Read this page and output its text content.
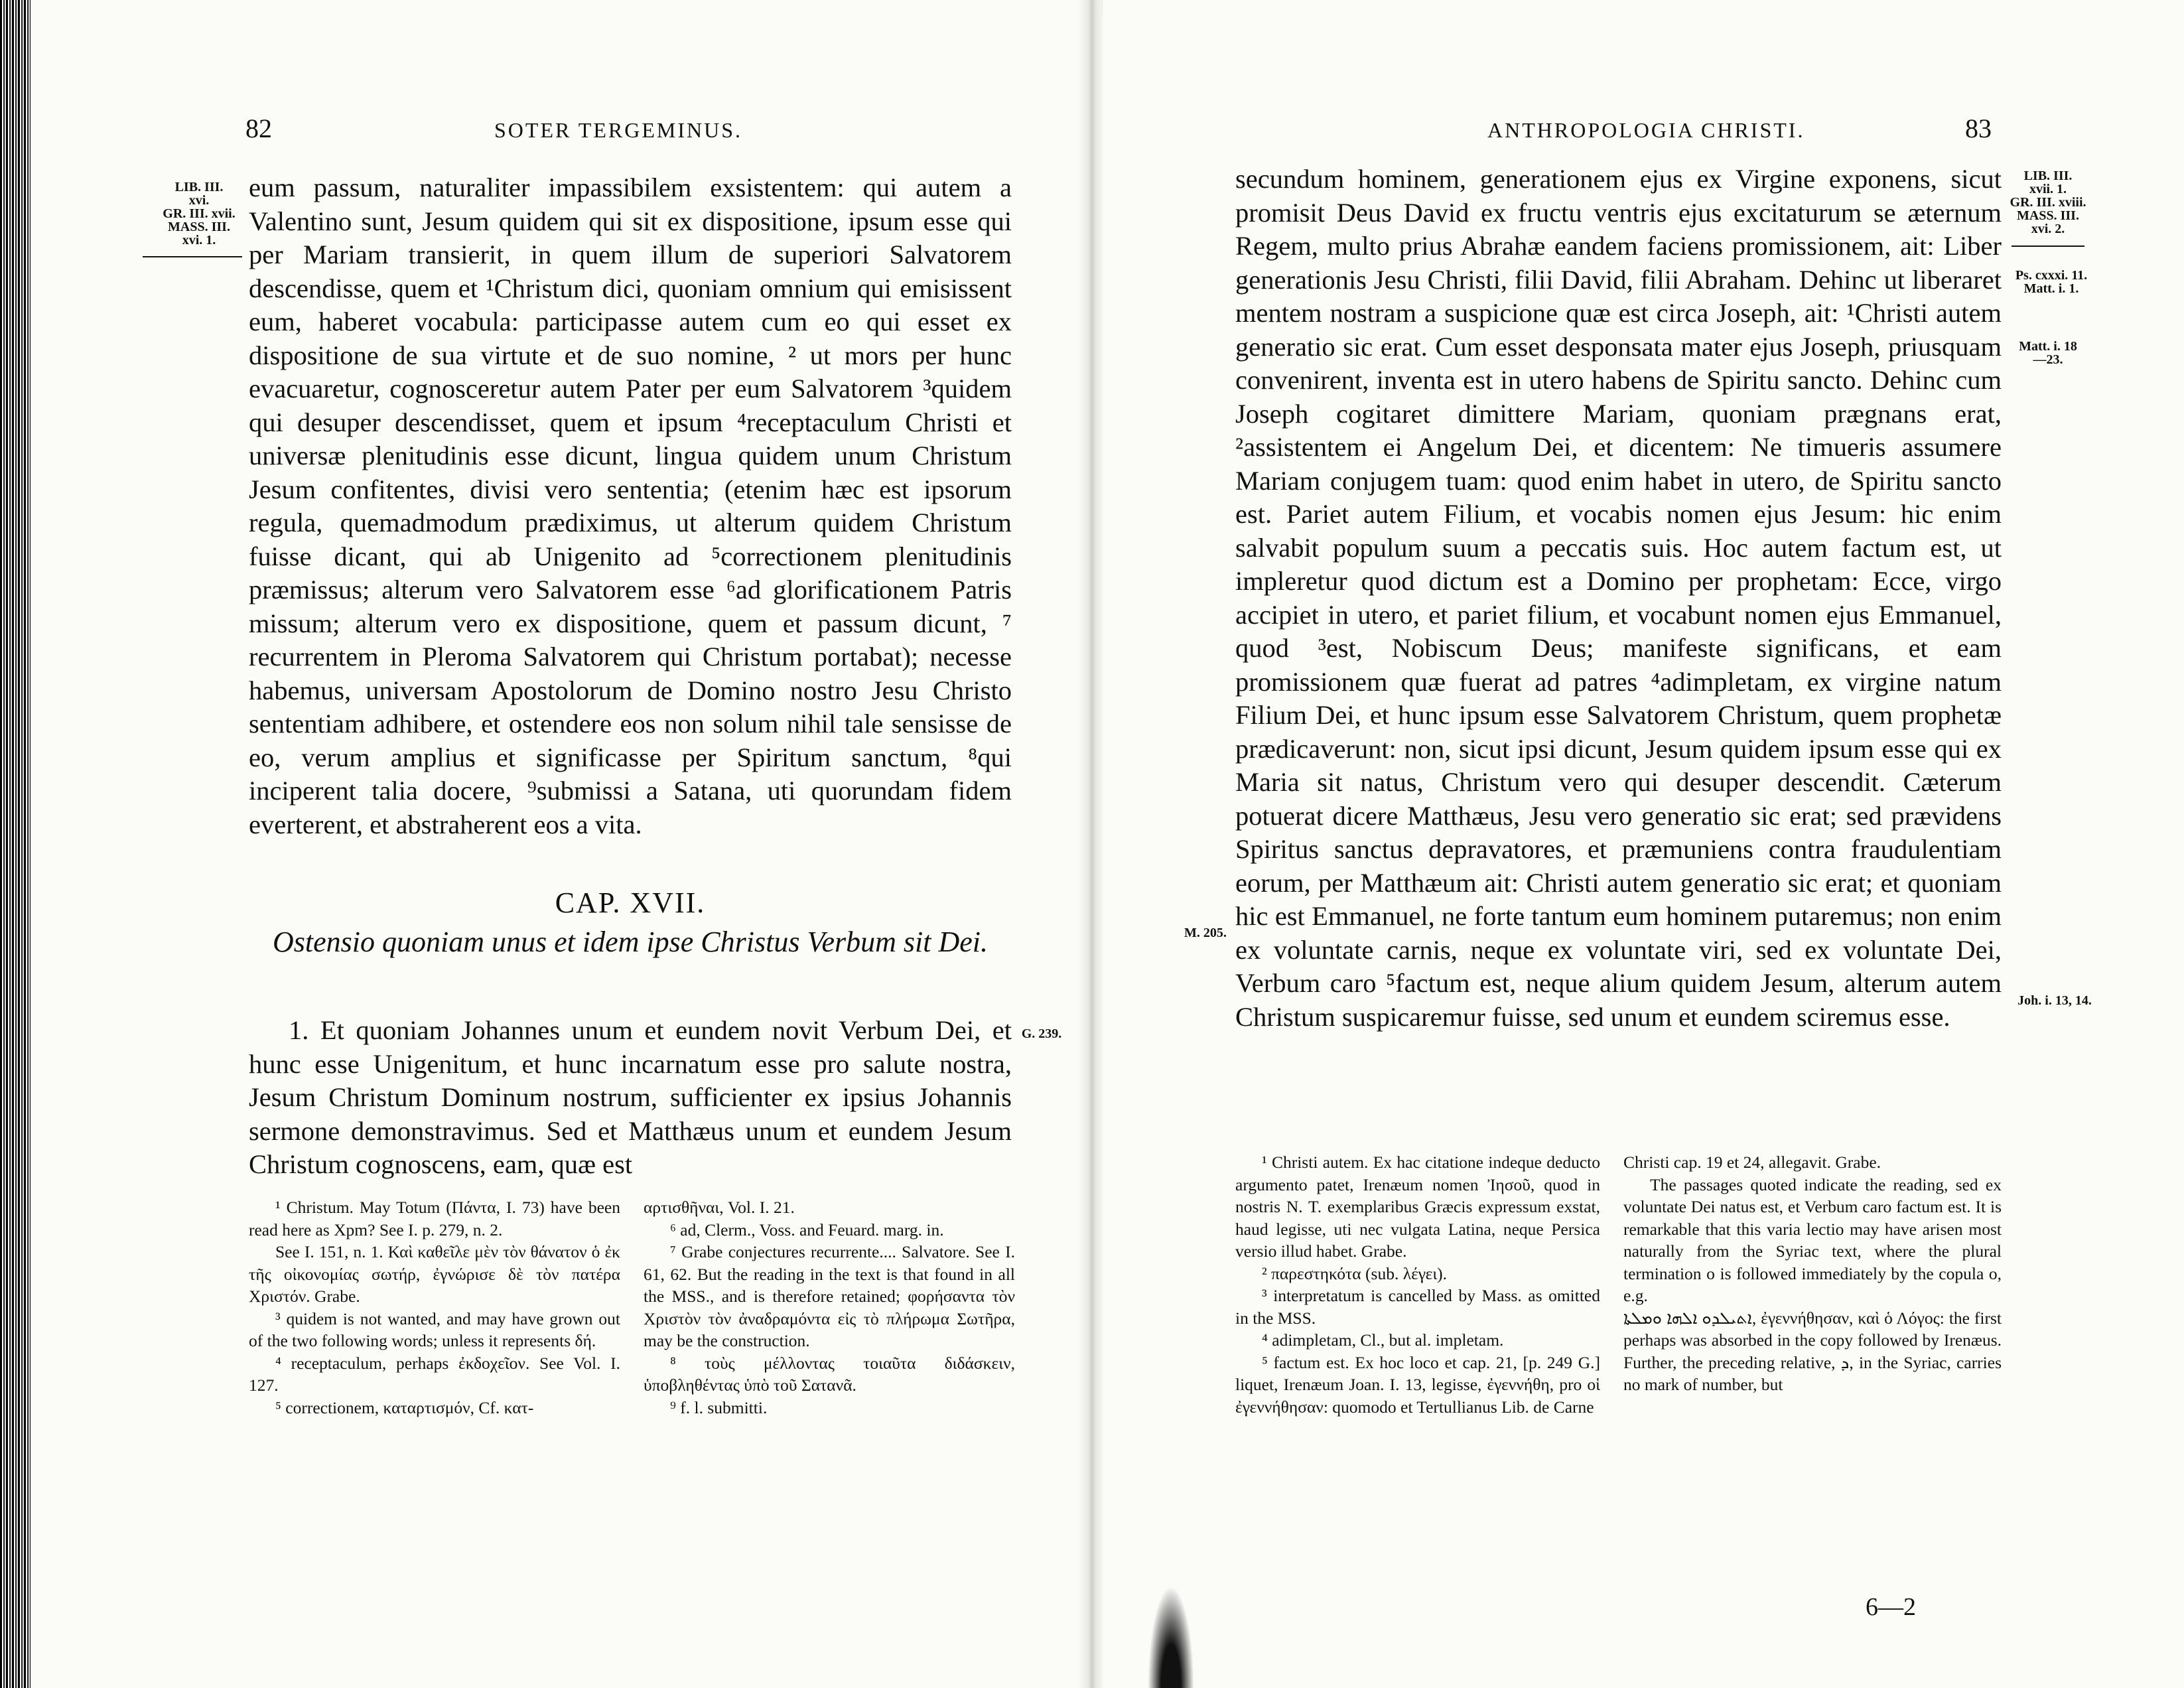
82	SOTER TERGEMINUS.
LIB. III.
xvi.
GR. III. xvii.
MASS. III.
xvi. 1.

eum passum, naturaliter impassibilem exsistentem: qui autem a Valentino sunt, Jesum quidem qui sit ex dispositione, ipsum esse qui per Mariam transierit, in quem illum de superiori Salvatorem descendisse, quem et ¹Christum dici, quoniam omnium qui emisissent eum, haberet vocabula: participasse autem cum eo qui esset ex dispositione de sua virtute et de suo nomine, ² ut mors per hunc evacuaretur, cognosceretur autem Pater per eum Salvatorem ³quidem qui desuper descendisset, quem et ipsum ⁴receptaculum Christi et universæ plenitudinis esse dicunt, lingua quidem unum Christum Jesum confitentes, divisi vero sententia; (etenim hæc est ipsorum regula, quemadmodum prædiximus, ut alterum quidem Christum fuisse dicant, qui ab Unigenito ad ⁵correctionem plenitudinis præmissus; alterum vero Salvatorem esse ⁶ad glorificationem Patris missum; alterum vero ex dispositione, quem et passum dicunt, ⁷ recurrentem in Pleroma Salvatorem qui Christum portabat); necesse habemus, universam Apostolorum de Domino nostro Jesu Christo sententiam adhibere, et ostendere eos non solum nihil tale sensisse de eo, verum amplius et significasse per Spiritum sanctum, ⁸qui inciperent talia docere, ⁹submissi a Satana, uti quorundam fidem everterent, et abstraherent eos a vita.

CAP. XVII.
Ostensio quoniam unus et idem ipse Christus Verbum sit Dei.

1. Et quoniam Johannes unum et eundem novit Verbum Dei, et hunc esse Unigenitum, et hunc incarnatum esse pro salute nostra, Jesum Christum Dominum nostrum, sufficienter ex ipsius Johannis sermone demonstravimus. Sed et Matthæus unum et eundem Jesum Christum cognoscens, eam, quæ est

G. 239.

¹ Christum. May Totum (Πάντα, I. 73) have been read here as Xpm? See I. p. 279, n. 2.

See I. 151, n. 1. Καὶ καθεῖλε μὲν τὸν θάνατον ὁ ἐκ τῆς οἰκονομίας σωτήρ, ἐγνώρισε δὲ τὸν πατέρα Χριστόν. Grabe.

³ quidem is not wanted, and may have grown out of the two following words; unless it represents δή.

⁴ receptaculum, perhaps ἐκδοχεῖον. See Vol. I. 127.

⁵ correctionem, καταρτισμόν, Cf. κατ-

αρτισθῆναι, Vol. I. 21.

⁶ ad, Clerm., Voss. and Feuard. marg. in.

⁷ Grabe conjectures recurrente.... Salvatore. See I. 61, 62. But the reading in the text is that found in all the MSS., and is therefore retained; φορήσαντα τὸν Χριστὸν τὸν ἀναδραμόντα εἰς τὸ πλήρωμα Σωτῆρα, may be the construction.

⁸ τοὺς μέλλοντας τοιαῦτα διδάσκειν, ὑποβληθέντας ὑπὸ τοῦ Σατανᾶ.

⁹ f. l. submitti.

ANTHROPOLOGIA CHRISTI.	83

secundum hominem, generationem ejus ex Virgine exponens, sicut promisit Deus David ex fructu ventris ejus excitaturum se æternum Regem, multo prius Abrahæ eandem faciens promissionem, ait: Liber generationis Jesu Christi, filii David, filii Abraham. Dehinc ut liberaret mentem nostram a suspicione quæ est circa Joseph, ait: ¹Christi autem generatio sic erat. Cum esset desponsata mater ejus Joseph, priusquam convenirent, inventa est in utero habens de Spiritu sancto. Dehinc cum Joseph cogitaret dimittere Mariam, quoniam prægnans erat, ²assistentem ei Angelum Dei, et dicentem: Ne timueris assumere Mariam conjugem tuam: quod enim habet in utero, de Spiritu sancto est. Pariet autem Filium, et vocabis nomen ejus Jesum: hic enim salvabit populum suum a peccatis suis. Hoc autem factum est, ut impleretur quod dictum est a Domino per prophetam: Ecce, virgo accipiet in utero, et pariet filium, et vocabunt nomen ejus Emmanuel, quod ³est, Nobiscum Deus; manifeste significans, et eam promissionem quæ fuerat ad patres ⁴adimpletam, ex virgine natum Filium Dei, et hunc ipsum esse Salvatorem Christum, quem prophetæ prædicaverunt: non, sicut ipsi dicunt, Jesum quidem ipsum esse qui ex Maria sit natus, Christum vero qui desuper descendit. Cæterum potuerat dicere Matthæus, Jesu vero generatio sic erat; sed prævidens Spiritus sanctus depravatores, et præmuniens contra fraudulentiam eorum, per Matthæum ait: Christi autem generatio sic erat; et quoniam hic est Emmanuel, ne forte tantum eum hominem putaremus; non enim ex voluntate carnis, neque ex voluntate viri, sed ex voluntate Dei, Verbum caro ⁵factum est, neque alium quidem Jesum, alterum autem Christum suspicaremur fuisse, sed unum et eundem sciremus esse.

LIB. III.
xvii. 1.
GR. III. xviii.
MASS. III.
xvi. 2.
Ps. cxxxi. 11.
Matt. i. 1.
Matt. i. 18
—23.
M. 205.
Joh. i. 13, 14.

¹ Christi autem. Ex hac citatione indeque deducto argumento patet, Irenæum nomen Ἰησοῦ, quod in nostris N. T. exemplaribus Græcis expressum exstat, haud legisse, uti nec vulgata Latina, neque Persica versio illud habet. Grabe.

² παρεστηκότα (sub. λέγει).

³ interpretatum is cancelled by Mass. as omitted in the MSS.

⁴ adimpletam, Cl., but al. impletam.

⁵ factum est. Ex hoc loco et cap. 21, [p. 249 G.] liquet, Irenæum Joan. I. 13, legisse, ἐγεννήθη, pro οἱ ἐγεννήθησαν: quomodo et Tertullianus Lib. de Carne

Christi cap. 19 et 24, allegavit. Grabe.

The passages quoted indicate the reading, sed ex voluntate Dei natus est, et Verbum caro factum est. It is remarkable that this varia lectio may have arisen most naturally from the Syriac text, where the plural termination ο is followed immediately by the copula ο, e.g.

ܐܬܝܠܕܘ ܐܠܗܐ ܘܡܠܬܐ, ἐγεννήθησαν, καὶ ὁ Λόγος: the first perhaps was absorbed in the copy followed by Irenæus. Further, the preceding relative, ܕ, in the Syriac, carries no mark of number, but

6—2
